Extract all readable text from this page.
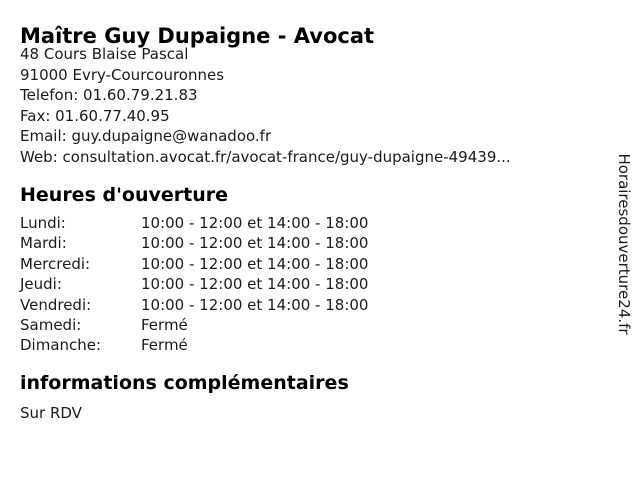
Maître Guy Dupaigne - Avocat
48 Cours Blaise Pascal
91000 Evry-Courcouronnes
Telefon: 01.60.79.21.83
Fax: 01.60.77.40.95
Email: guy.dupaigne@wanadoo.fr
Web: consultation.avocat.fr/avocat-france/guy-dupaigne-49439...
Heures d'ouverture
Lundi:	10:00 - 12:00 et 14:00 - 18:00
Mardi:	10:00 - 12:00 et 14:00 - 18:00
Mercredi:	10:00 - 12:00 et 14:00 - 18:00
Jeudi:	10:00 - 12:00 et 14:00 - 18:00
Vendredi:	10:00 - 12:00 et 14:00 - 18:00
Samedi:	Fermé
Dimanche:	Fermé
informations complémentaires
Sur RDV
Horairesdouverture24.fr
